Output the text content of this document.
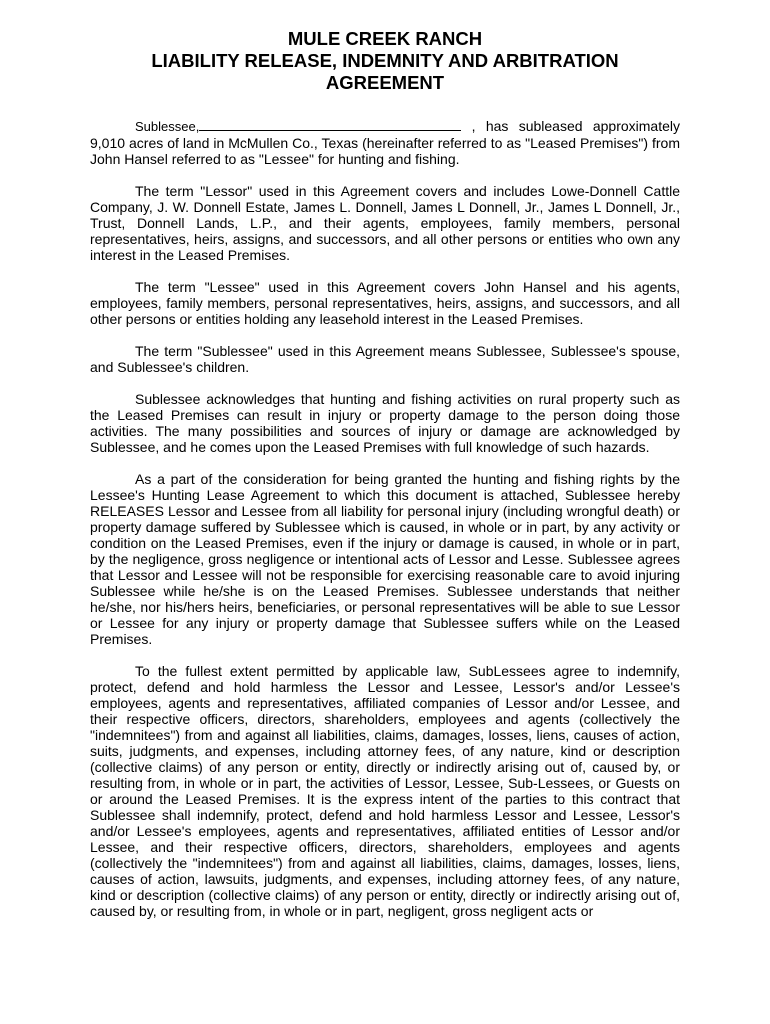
MULE CREEK RANCH

LIABILITY RELEASE, INDEMNITY AND ARBITRATION

AGREEMENT

Sublessee,	, has subleased approximately 9,010 acres of land in McMullen Co., Texas (hereinafter referred to as "Leased Premises") from John Hansel referred to as "Lessee" for hunting and fishing.

The term "Lessor" used in this Agreement covers and includes Lowe-Donnell Cattle Company, J. W. Donnell Estate, James L. Donnell, James L Donnell, Jr., James L Donnell, Jr., Trust, Donnell Lands, L.P., and their agents, employees, family members, personal representatives, heirs, assigns, and successors, and all other persons or entities who own any interest in the Leased Premises.

The term "Lessee" used in this Agreement covers John Hansel and his agents, employees, family members, personal representatives, heirs, assigns, and successors, and all other persons or entities holding any leasehold interest in the Leased Premises.

The term "Sublessee" used in this Agreement means Sublessee, Sublessee's spouse, and Sublessee's children.

Sublessee acknowledges that hunting and fishing activities on rural property such as the Leased Premises can result in injury or property damage to the person doing those activities. The many possibilities and sources of injury or damage are acknowledged by Sublessee, and he comes upon the Leased Premises with full knowledge of such hazards.

As a part of the consideration for being granted the hunting and fishing rights by the Lessee's Hunting Lease Agreement to which this document is attached, Sublessee hereby RELEASES Lessor and Lessee from all liability for personal injury (including wrongful death) or property damage suffered by Sublessee which is caused, in whole or in part, by any activity or condition on the Leased Premises, even if the injury or damage is caused, in whole or in part, by the negligence, gross negligence or intentional acts of Lessor and Lesse. Sublessee agrees that Lessor and Lessee will not be responsible for exercising reasonable care to avoid injuring Sublessee while he/she is on the Leased Premises. Sublessee understands that neither he/she, nor his/hers heirs, beneficiaries, or personal representatives will be able to sue Lessor or Lessee for any injury or property damage that Sublessee suffers while on the Leased Premises.

To the fullest extent permitted by applicable law, SubLessees agree to indemnify, protect, defend and hold harmless the Lessor and Lessee, Lessor's and/or Lessee's employees, agents and representatives, affiliated companies of Lessor and/or Lessee, and their respective officers, directors, shareholders, employees and agents (collectively the "indemnitees") from and against all liabilities, claims, damages, losses, liens, causes of action, suits, judgments, and expenses, including attorney fees, of any nature, kind or description (collective claims) of any person or entity, directly or indirectly arising out of, caused by, or resulting from, in whole or in part, the activities of Lessor, Lessee, Sub-Lessees, or Guests on or around the Leased Premises. It is the express intent of the parties to this contract that Sublessee shall indemnify, protect, defend and hold harmless Lessor and Lessee, Lessor's and/or Lessee's employees, agents and representatives, affiliated entities of Lessor and/or Lessee, and their respective officers, directors, shareholders, employees and agents (collectively the "indemnitees") from and against all liabilities, claims, damages, losses, liens, causes of action, lawsuits, judgments, and expenses, including attorney fees, of any nature, kind or description (collective claims) of any person or entity, directly or indirectly arising out of, caused by, or resulting from, in whole or in part, negligent, gross negligent acts or
